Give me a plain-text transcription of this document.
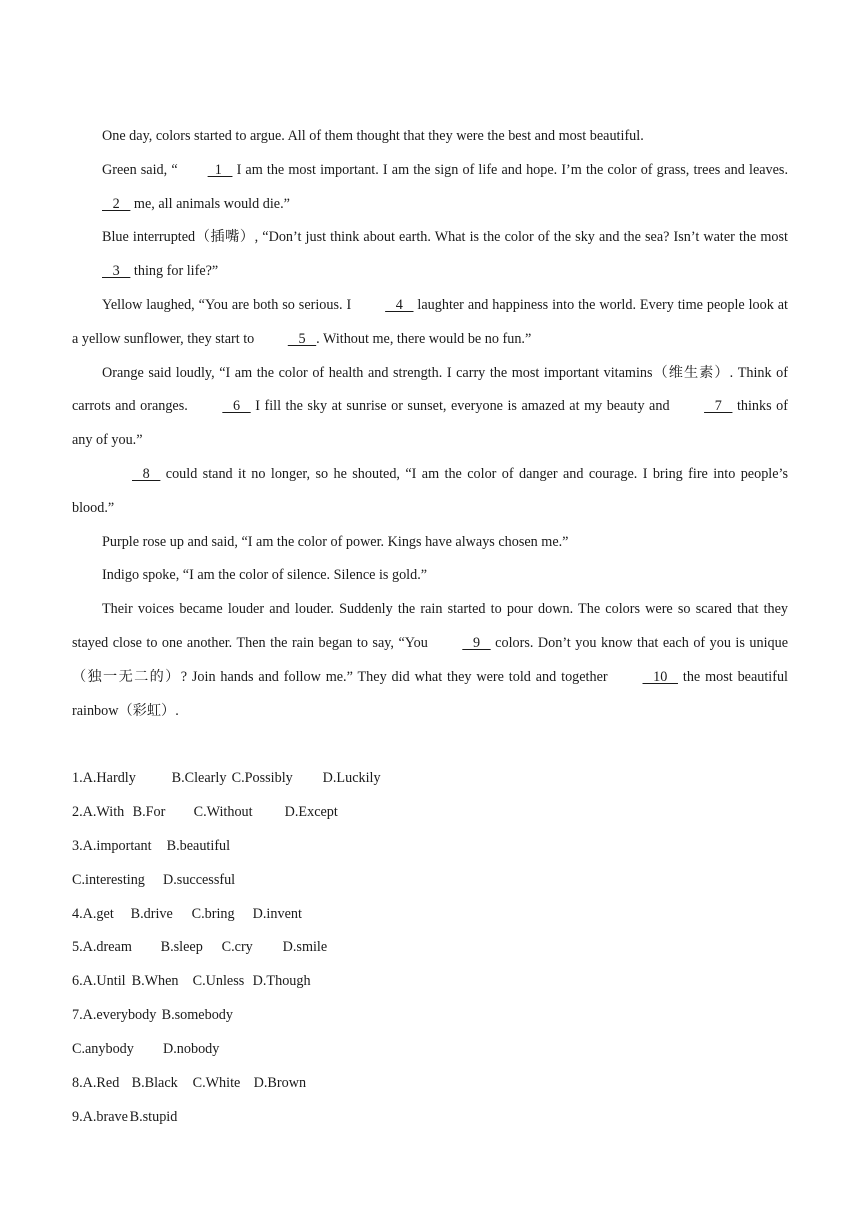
One day, colors started to argue. All of them thought that they were the best and most beautiful.

Green said, “  1    I am the most important. I am the sign of life and hope. I’m the color of grass, trees and leaves.    2    me, all animals would die.”

Blue interrupted（插嘴）, “Don’t just think about earth. What is the color of the sky and the sea? Isn’t water the most    3    thing for life?”

Yellow laughed, “You are both so serious. I    4    laughter and happiness into the world. Every time people look at a yellow sunflower, they start to    5   . Without me, there would be no fun.”

Orange said loudly, “I am the color of health and strength. I carry the most important vitamins（维生素）. Think of carrots and oranges.    6    I fill the sky at sunrise or sunset, everyone is amazed at my beauty and    7    thinks of any of you.”

8    could stand it no longer, so he shouted, “I am the color of danger and courage. I bring fire into people’s blood.”

Purple rose up and said, “I am the color of power. Kings have always chosen me.”

Indigo spoke, “I am the color of silence. Silence is gold.”

Their voices became louder and louder. Suddenly the rain started to pour down. The colors were so scared that they stayed close to one another. Then the rain began to say, “You    9    colors. Don’t you know that each of you is unique（独一无二的）? Join hands and follow me.” They did what they were told and together    10    the most beautiful rainbow（彩虹）.

1.A.Hardly	B.Clearly C.Possibly D.Luckily

2.A.With B.For C.Without D.Except

3.A.important B.beautiful

C.interesting D.successful

4.A.get B.drive C.bring D.invent

5.A.dream B.sleep C.cry D.smile

6.A.Until B.When C.Unless D.Though

7.A.everybody B.somebody

C.anybody D.nobody

8.A.Red B.Black C.White D.Brown

9.A.brave B.stupid
